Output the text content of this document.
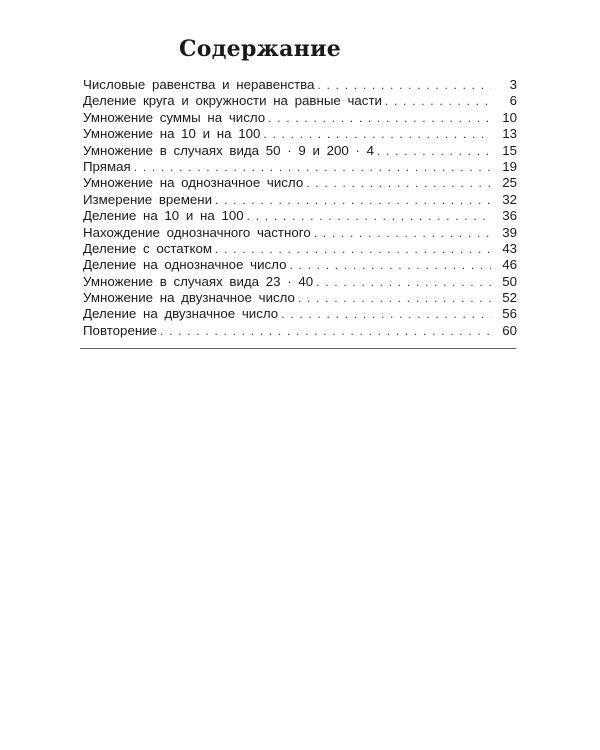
Содержание
Числовые равенства и неравенства . . .	3
Деление круга и окружности на равные части . . .	6
Умножение суммы на число . . .	10
Умножение на 10 и на 100 . . .	13
Умножение в случаях вида 50 · 9 и 200 · 4 . . .	15
Прямая . . .	19
Умножение на однозначное число . . .	25
Измерение времени . . .	32
Деление на 10 и на 100 . . .	36
Нахождение однозначного частного . . .	39
Деление с остатком . . .	43
Деление на однозначное число . . .	46
Умножение в случаях вида 23 · 40 . . .	50
Умножение на двузначное число . . .	52
Деление на двузначное число . . .	56
Повторение . . .	60
